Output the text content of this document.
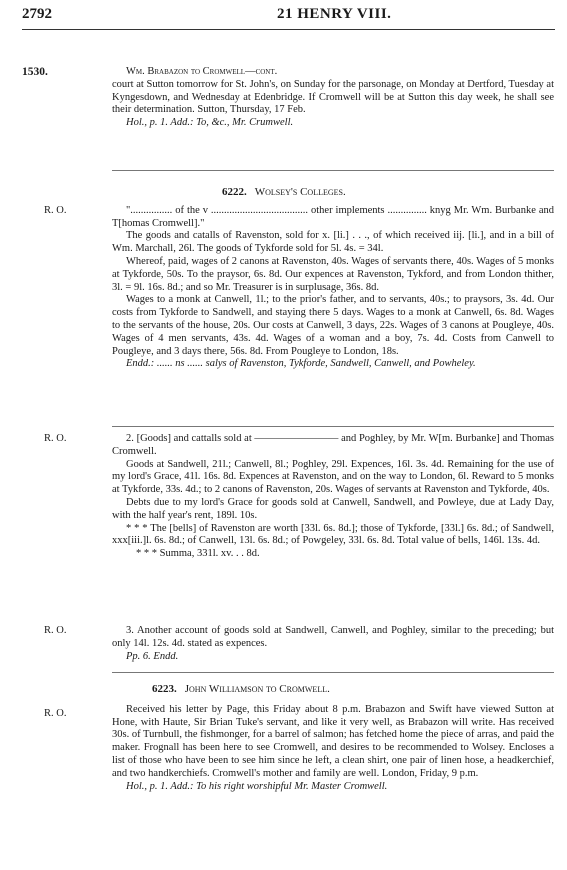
2792	21 HENRY VIII.
1530.	Wm. Brabazon to Cromwell—cont.

court at Sutton tomorrow for St. John's, on Sunday for the parsonage, on Monday at Dertford, Tuesday at Kyngesdown, and Wednesday at Edenbridge. If Cromwell will be at Sutton this day week, he shall see their determination. Sutton, Thursday, 17 Feb.

Hol., p. 1. Add.: To, &c., Mr. Crumwell.

R. O.

6222. Wolsey's Colleges.

"................ of the v ..................................... other implements ............... knyg Mr. Wm. Burbanke and T[homas Cromwell]."

The goods and catalls of Ravenston, sold for x. [li.] . . ., of which received iij. [li.], and in a bill of Wm. Marchall, 26l. The goods of Tykforde sold for 5l. 4s. = 34l.

Whereof, paid, wages of 2 canons at Ravenston, 40s. Wages of servants there, 40s. Wages of 5 monks at Tykforde, 50s. To the praysor, 6s. 8d. Our expences at Ravenston, Tykford, and from London thither, 3l. = 9l. 16s. 8d.; and so Mr. Treasurer is in surplusage, 36s. 8d.

Wages to a monk at Canwell, 1l.; to the prior's father, and to servants, 40s.; to praysors, 3s. 4d. Our costs from Tykforde to Sandwell, and staying there 5 days. Wages to a monk at Canwell, 6s. 8d. Wages to the servants of the house, 20s. Our costs at Canwell, 3 days, 22s. Wages of 3 canons at Pougleye, 40s. Wages of 4 men servants, 43s. 4d. Wages of a woman and a boy, 7s. 4d. Costs from Canwell to Pougleye, and 3 days there, 56s. 8d. From Pougleye to London, 18s.

Endd.: ...... ns ...... salys of Ravenston, Tykforde, Sandwell, Canwell, and Powheley.

R. O.	2. [Goods] and cattalls sold at ———————— and Poghley, by Mr. W[m. Burbanke] and Thomas Cromwell.

Goods at Sandwell, 21l.; Canwell, 8l.; Poghley, 29l. Expences, 16l. 3s. 4d. Remaining for the use of my lord's Grace, 41l. 16s. 8d. Expences at Ravenston, and on the way to London, 6l. Reward to 5 monks at Tykforde, 33s. 4d.; to 2 canons of Ravenston, 20s. Wages of servants at Ravenston and Tykforde, 40s.

Debts due to my lord's Grace for goods sold at Canwell, Sandwell, and Powleye, due at Lady Day, with the half year's rent, 189l. 10s.

* * * The [bells] of Ravenston are worth [33l. 6s. 8d.]; those of Tykforde, [33l.] 6s. 8d.; of Sandwell, xxx[iii.]l. 6s. 8d.; of Canwell, 13l. 6s. 8d.; of Powgeley, 33l. 6s. 8d. Total value of bells, 146l. 13s. 4d.

* * * Summa, 331l. xv. . . 8d.

R. O.	3. Another account of goods sold at Sandwell, Canwell, and Poghley, similar to the preceding; but only 14l. 12s. 4d. stated as expences.

Pp. 6. Endd.

R. O.

6223. John Williamson to Cromwell.

Received his letter by Page, this Friday about 8 p.m. Brabazon and Swift have viewed Sutton at Hone, with Haute, Sir Brian Tuke's servant, and like it very well, as Brabazon will write. Has received 30s. of Turnbull, the fishmonger, for a barrel of salmon; has fetched home the piece of arras, and paid the maker. Frognall has been here to see Cromwell, and desires to be recommended to Wolsey. Encloses a list of those who have been to see him since he left, a clean shirt, one pair of linen hose, a headkerchief, and two handkerchiefs. Cromwell's mother and family are well. London, Friday, 9 p.m.

Hol., p. 1. Add.: To his right worshipful Mr. Master Cromwell.
